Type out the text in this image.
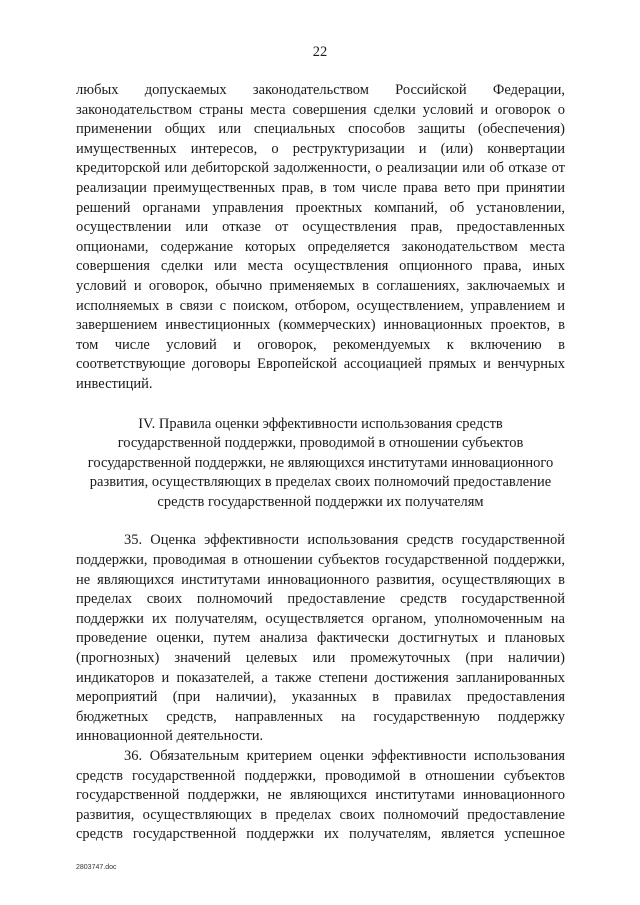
22

любых допускаемых законодательством Российской Федерации, законодательством страны места совершения сделки условий и оговорок о применении общих или специальных способов защиты (обеспечения) имущественных интересов, о реструктуризации и (или) конвертации кредиторской или дебиторской задолженности, о реализации или об отказе от реализации преимущественных прав, в том числе права вето при принятии решений органами управления проектных компаний, об установлении, осуществлении или отказе от осуществления прав, предоставленных опционами, содержание которых определяется законодательством места совершения сделки или места осуществления опционного права, иных условий и оговорок, обычно применяемых в соглашениях, заключаемых и исполняемых в связи с поиском, отбором, осуществлением, управлением и завершением инвестиционных (коммерческих) инновационных проектов, в том числе условий и оговорок, рекомендуемых к включению в соответствующие договоры Европейской ассоциацией прямых и венчурных инвестиций.

IV. Правила оценки эффективности использования средств
государственной поддержки, проводимой в отношении субъектов
государственной поддержки, не являющихся институтами инновационного
развития, осуществляющих в пределах своих полномочий предоставление
средств государственной поддержки их получателям

35. Оценка эффективности использования средств государственной поддержки, проводимая в отношении субъектов государственной поддержки, не являющихся институтами инновационного развития, осуществляющих в пределах своих полномочий предоставление средств государственной поддержки их получателям, осуществляется органом, уполномоченным на проведение оценки, путем анализа фактически достигнутых и плановых (прогнозных) значений целевых или промежуточных (при наличии) индикаторов и показателей, а также степени достижения запланированных мероприятий (при наличии), указанных в правилах предоставления бюджетных средств, направленных на государственную поддержку инновационной деятельности.

36. Обязательным критерием оценки эффективности использования средств государственной поддержки, проводимой в отношении субъектов государственной поддержки, не являющихся институтами инновационного развития, осуществляющих в пределах своих полномочий предоставление средств государственной поддержки их получателям, является успешное

2803747.doc
